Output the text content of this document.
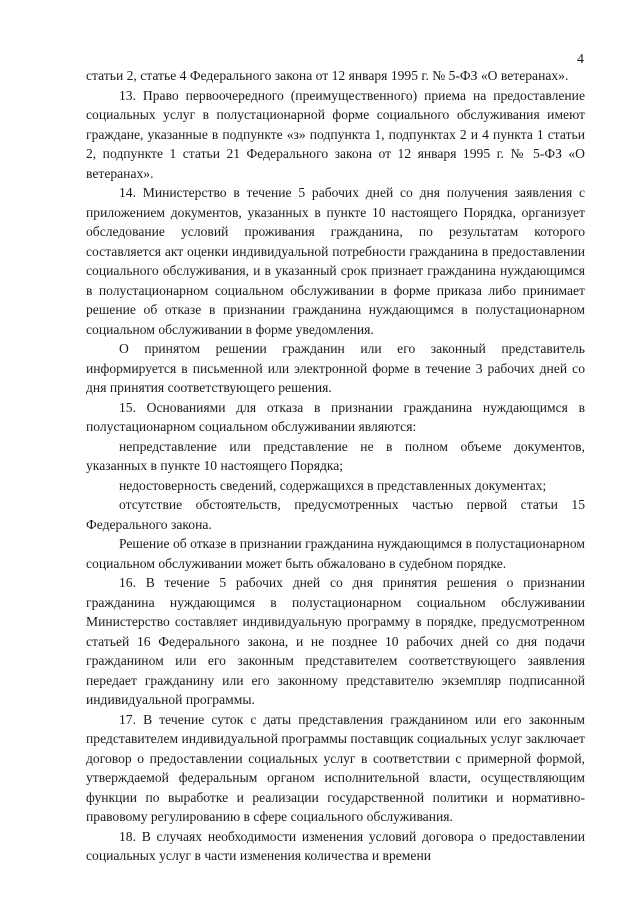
4

статьи 2, статье 4 Федерального закона от 12 января 1995 г. № 5-ФЗ «О ветеранах».

13. Право первоочередного (преимущественного) приема на предоставление социальных услуг в полустационарной форме социального обслуживания имеют граждане, указанные в подпункте «з» подпункта 1, подпунктах 2 и 4 пункта 1 статьи 2, подпункте 1 статьи 21 Федерального закона от 12 января 1995 г. № 5-ФЗ «О ветеранах».

14. Министерство в течение 5 рабочих дней со дня получения заявления с приложением документов, указанных в пункте 10 настоящего Порядка, организует обследование условий проживания гражданина, по результатам которого составляется акт оценки индивидуальной потребности гражданина в предоставлении социального обслуживания, и в указанный срок признает гражданина нуждающимся в полустационарном социальном обслуживании в форме приказа либо принимает решение об отказе в признании гражданина нуждающимся в полустационарном социальном обслуживании в форме уведомления.

О принятом решении гражданин или его законный представитель информируется в письменной или электронной форме в течение 3 рабочих дней со дня принятия соответствующего решения.

15. Основаниями для отказа в признании гражданина нуждающимся в полустационарном социальном обслуживании являются:

непредставление или представление не в полном объеме документов, указанных в пункте 10 настоящего Порядка;

недостоверность сведений, содержащихся в представленных документах;

отсутствие обстоятельств, предусмотренных частью первой статьи 15 Федерального закона.

Решение об отказе в признании гражданина нуждающимся в полустационарном социальном обслуживании может быть обжаловано в судебном порядке.

16. В течение 5 рабочих дней со дня принятия решения о признании гражданина нуждающимся в полустационарном социальном обслуживании Министерство составляет индивидуальную программу в порядке, предусмотренном статьей 16 Федерального закона, и не позднее 10 рабочих дней со дня подачи гражданином или его законным представителем соответствующего заявления передает гражданину или его законному представителю экземпляр подписанной индивидуальной программы.

17. В течение суток с даты представления гражданином или его законным представителем индивидуальной программы поставщик социальных услуг заключает договор о предоставлении социальных услуг в соответствии с примерной формой, утверждаемой федеральным органом исполнительной власти, осуществляющим функции по выработке и реализации государственной политики и нормативно-правовому регулированию в сфере социального обслуживания.

18. В случаях необходимости изменения условий договора о предоставлении социальных услуг в части изменения количества и времени
